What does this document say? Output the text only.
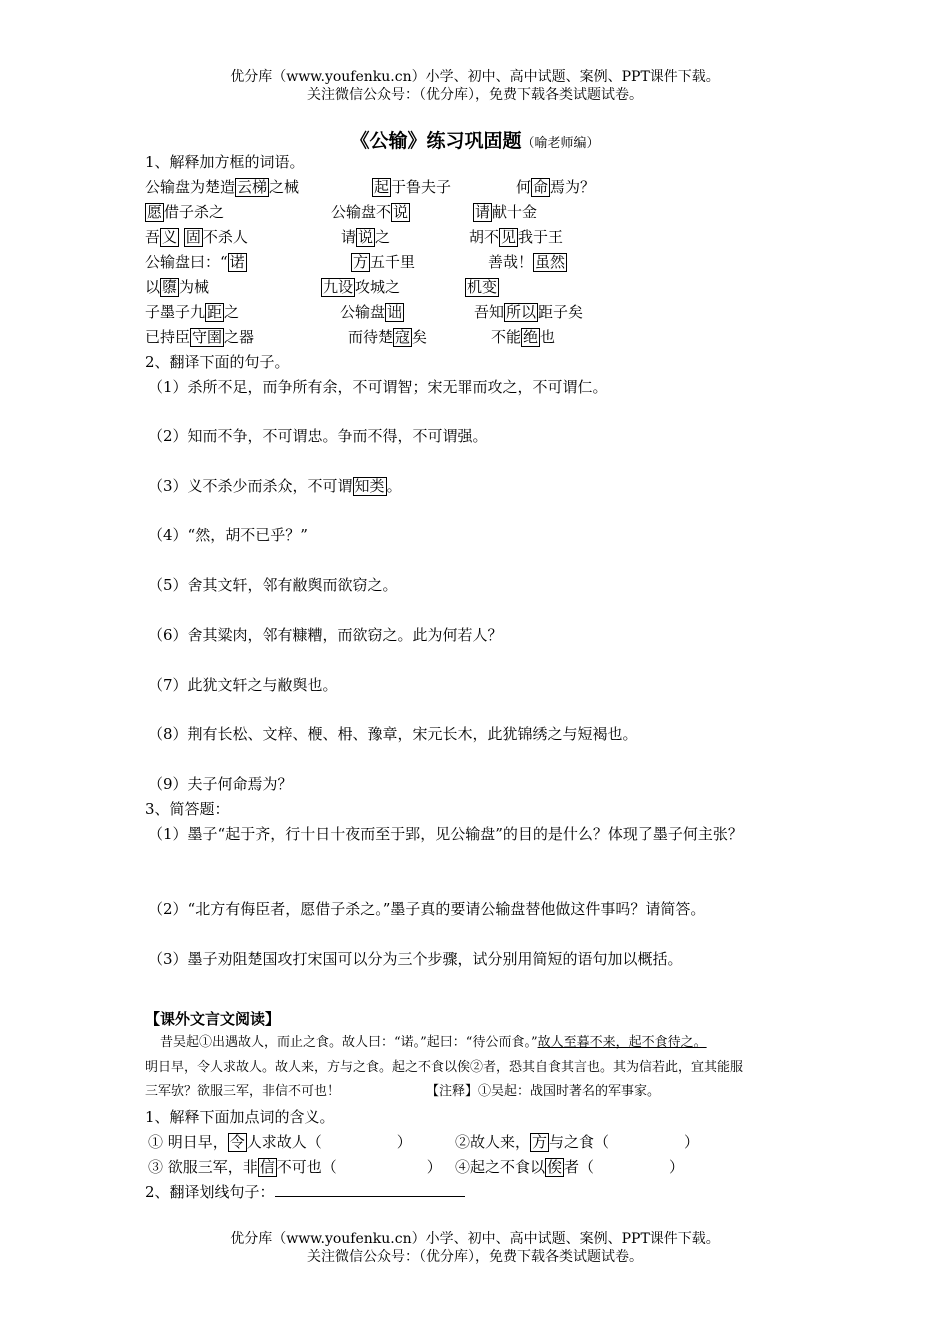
优分库（www.youfenku.cn）小学、初中、高中试题、案例、PPT课件下载。
关注微信公众号：（优分库），免费下载各类试题试卷。
《公输》练习巩固题（喻老师编）
1、解释加方框的词语。
公输盘为楚造 云梯 之械	起 于鲁夫子	何 命 焉为？
愿 借子杀之	公输盘不 说	请 献十金
吾 义 固 不杀人	请 说 之	胡不 见 我于王
公输盘曰：“ 诺	方 五千里	善哉！ 虽然
以 隳 为械	九设 攻城之	机变
子墨子九 距 之	公输盘 诎	吾知 所以 距子矣
已持臣 守圉 之器	而待楚 寇 矣	不能 绝 也
2、翻译下面的句子。
（1）杀所不足，而争所有余，不可谓智；宋无罪而攻之，不可谓仁。
（2）知而不争，不可谓忠。争而不得，不可谓强。
（3）义不杀少而杀众，不可谓 知类 。
（4）“然，胡不已乎？”
（5）舍其文轩，邻有敝舆而欲窃之。
（6）舍其粱肉，邻有糠糟，而欲窃之。此为何若人？
（7）此犹文轩之与敝舆也。
（8）荆有长松、文梓、楩、枏、豫章，宋元长木，此犹锦绣之与短褐也。
（9）夫子何命焉为？
3、简答题：
（1）墨子“起于齐，行十日十夜而至于郢，见公输盘”的目的是什么？体现了墨子何主张？
（2）“北方有侮臣者，愿借子杀之。”墨子真的要请公输盘替他做这件事吗？请简答。
（3）墨子劝阻楚国攻打宋国可以分为三个步骤，试分别用简短的语句加以概括。
【课外文言文阅读】
昔吴起①出遇故人，而止之食。故人曰：“诺。”起曰：“待公而食。”故人至暮不来，起不食待之。
明日早，令人求故人。故人来，方与之食。起之不食以俟②者，恐其自食其言也。其为信若此，宜其能服
三军欤？欲服三军，非信不可也！	【注释】①吴起：战国时著名的军事家。
1、解释下面加点词的含义。
① 明日早， 令 人求故人（　　　　　）	②故人来， 方 与之食（　　　　　）
③ 欲服三军，非 信 不可也（　　　　　　） ④起之不食以 俟 者（　　　　　）
2、翻译划线句子：
优分库（www.youfenku.cn）小学、初中、高中试题、案例、PPT课件下载。
关注微信公众号：（优分库），免费下载各类试题试卷。
